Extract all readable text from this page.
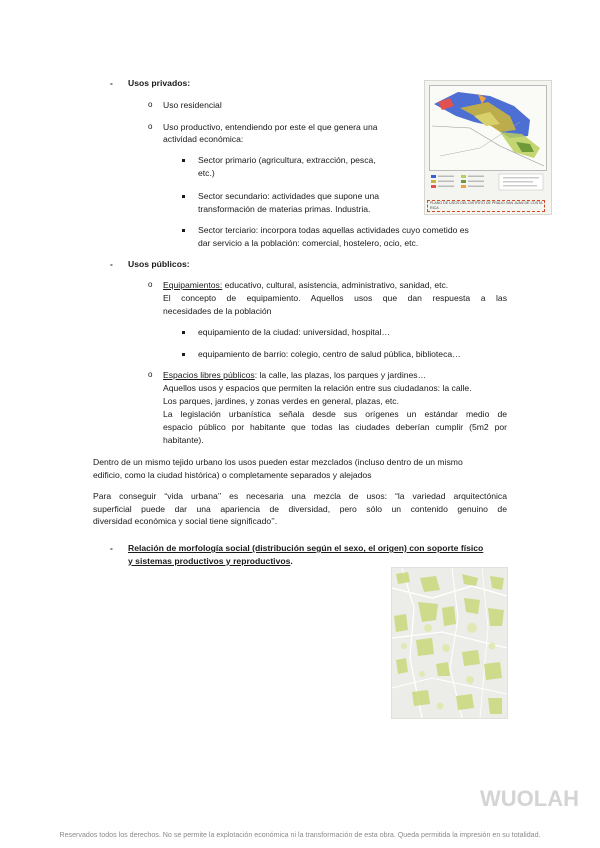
- Usos privados:
o Uso residencial
o Uso productivo, entendiendo por este el que genera una
actividad económica:
Sector primario (agricultura, extracción, pesca,
etc.)
Sector secundario: actividades que supone una
transformación de materias primas. Industria.
Sector terciario: incorpora todas aquellas actividades cuyo cometido es
dar servicio a la población: comercial, hostelero, ocio, etc.
PLANO DE USOS DEL DISTRITO DE PRADO SAN JUAN DE COSTA RICA
- Usos públicos:
o Equipamientos: educativo, cultural, asistencia, administrativo, sanidad, etc.
El concepto de equipamiento. Aquellos usos que dan respuesta a las
necesidades de la población
equipamiento de la ciudad: universidad, hospital…
equipamiento de barrio: colegio, centro de salud pública, biblioteca…
o Espacios libres públicos: la calle, las plazas, los parques y jardines…
Aquellos usos y espacios que permiten la relación entre sus ciudadanos: la calle.
Los parques, jardines, y zonas verdes en general, plazas, etc.
La legislación urbanística señala desde sus orígenes un estándar medio de
espacio público por habitante que todas las ciudades deberían cumplir (5m2 por
habitante).
Dentro de un mismo tejido urbano los usos pueden estar mezclados (incluso dentro de un mismo
edificio, como la ciudad histórica) o completamente separados y alejados
Para conseguir “vida urbana’’ es necesaria una mezcla de usos: “la variedad arquitectónica
superficial puede dar una apariencia de diversidad, pero sólo un contenido genuino de
diversidad económica y social tiene significado’’.
- Relación de morfología social (distribución según el sexo, el origen) con soporte físico
y sistemas productivos y reproductivos.
WUOLAH
Reservados todos los derechos. No se permite la explotación económica ni la transformación de esta obra. Queda permitida la impresión en su totalidad.
